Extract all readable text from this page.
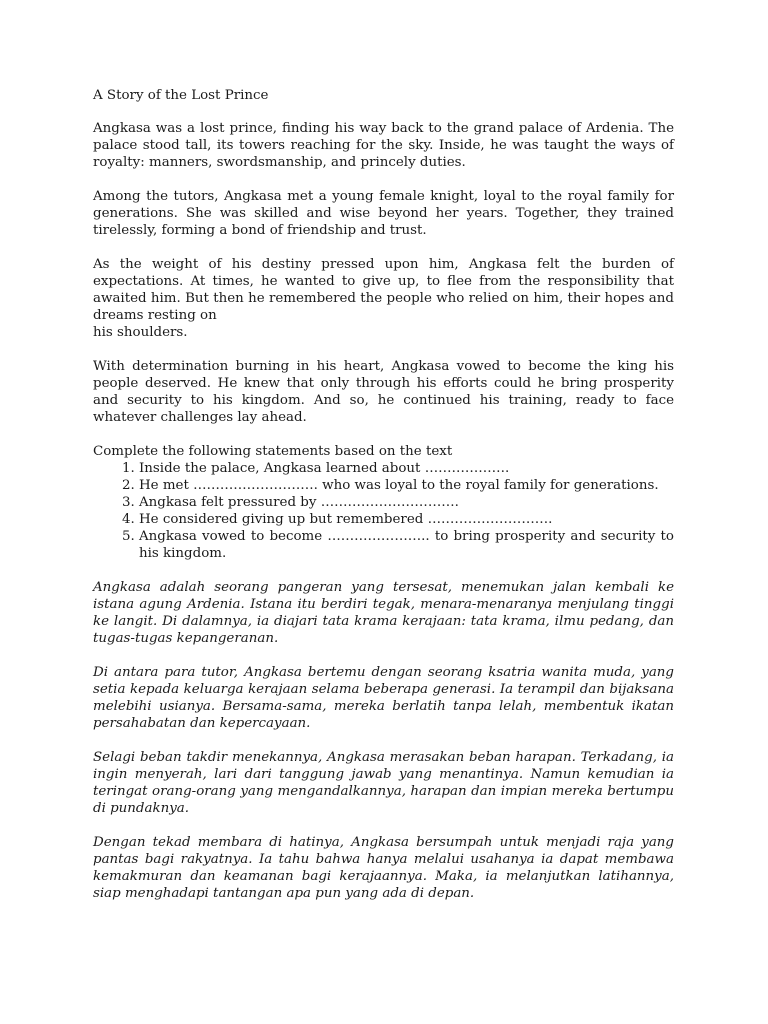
A Story of the Lost Prince

Angkasa was a lost prince, finding his way back to the grand palace of Ardenia. The palace stood tall, its towers reaching for the sky. Inside, he was taught the ways of royalty: manners, swordsmanship, and princely duties.

Among the tutors, Angkasa met a young female knight, loyal to the royal family for generations. She was skilled and wise beyond her years. Together, they trained tirelessly, forming a bond of friendship and trust.

As the weight of his destiny pressed upon him, Angkasa felt the burden of expectations. At times, he wanted to give up, to flee from the responsibility that awaited him. But then he remembered the people who relied on him, their hopes and dreams resting on
his shoulders.

With determination burning in his heart, Angkasa vowed to become the king his people deserved. He knew that only through his efforts could he bring prosperity and security to his kingdom. And so, he continued his training, ready to face whatever challenges lay ahead.

Complete the following statements based on the text
1. Inside the palace, Angkasa learned about ……………….
2. He met ………………………. who was loyal to the royal family for generations.
3. Angkasa felt pressured by ………………………….
4. He considered giving up but remembered ……………………….
5. Angkasa vowed to become ………………….. to bring prosperity and security to his kingdom.

Angkasa adalah seorang pangeran yang tersesat, menemukan jalan kembali ke istana agung Ardenia. Istana itu berdiri tegak, menara-menaranya menjulang tinggi ke langit. Di dalamnya, ia diajari tata krama kerajaan: tata krama, ilmu pedang, dan tugas-tugas kepangeranan.

Di antara para tutor, Angkasa bertemu dengan seorang ksatria wanita muda, yang setia kepada keluarga kerajaan selama beberapa generasi. Ia terampil dan bijaksana melebihi usianya. Bersama-sama, mereka berlatih tanpa lelah, membentuk ikatan persahabatan dan kepercayaan.

Selagi beban takdir menekannya, Angkasa merasakan beban harapan. Terkadang, ia ingin menyerah, lari dari tanggung jawab yang menantinya. Namun kemudian ia teringat orang-orang yang mengandalkannya, harapan dan impian mereka bertumpu di pundaknya.

Dengan tekad membara di hatinya, Angkasa bersumpah untuk menjadi raja yang pantas bagi rakyatnya. Ia tahu bahwa hanya melalui usahanya ia dapat membawa kemakmuran dan keamanan bagi kerajaannya. Maka, ia melanjutkan latihannya, siap menghadapi tantangan apa pun yang ada di depan.
